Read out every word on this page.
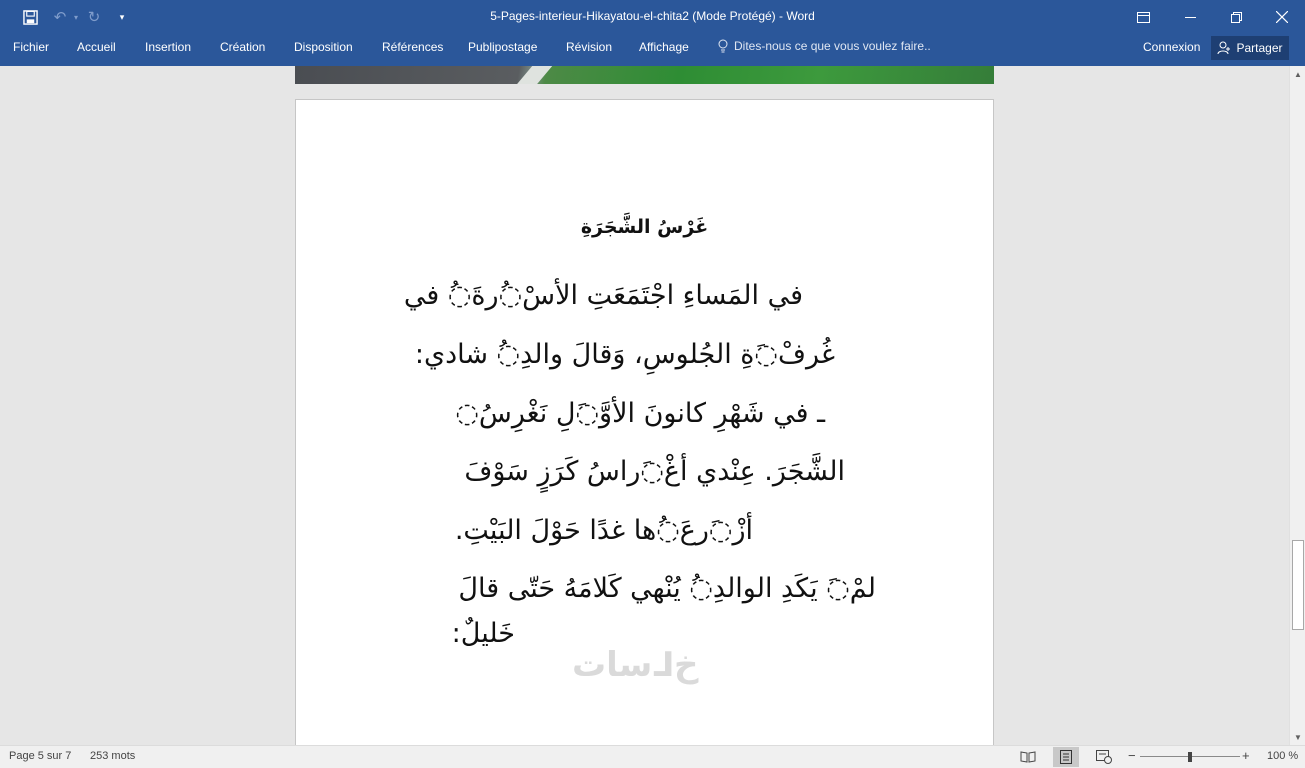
↶ ▾ ↻	▾	5-Pages-interieur-Hikayatou-el-chita2 (Mode Protégé) - Word
Fichier Accueil Insertion Création Disposition Références Publipostage Révision Affichage	Dites-nous ce que vous voulez faire..	Connexion	Partager
غَرْسُ الشَّجَرَةِ
في المَساءِ اجْتَمَعَتِ الأسْ◌ُرةَ◌ُ في
غُرفْ◌َةِ الجُلوسِ، وَقالَ والدِ◌ُ شادي:
ـ في شَهْرِ كانونَ الأوَّ◌َلِ نَغْرِسُ◌
الشَّجَرَ. عِنْدي أغْ◌َراسُ كَرَزٍ سَوْفَ
أزْ◌َرعَ◌ُها غدًا حَوْلَ البَيْتِ.
لمْ◌َ يَكَدِ الوالدِ◌ُ يُنْهي كَلامَهُ حَتّى قالَ
خَليلٌ:
خ⅃سات
▲
▼
Page 5 sur 7 253 mots	−	+ 100 %
